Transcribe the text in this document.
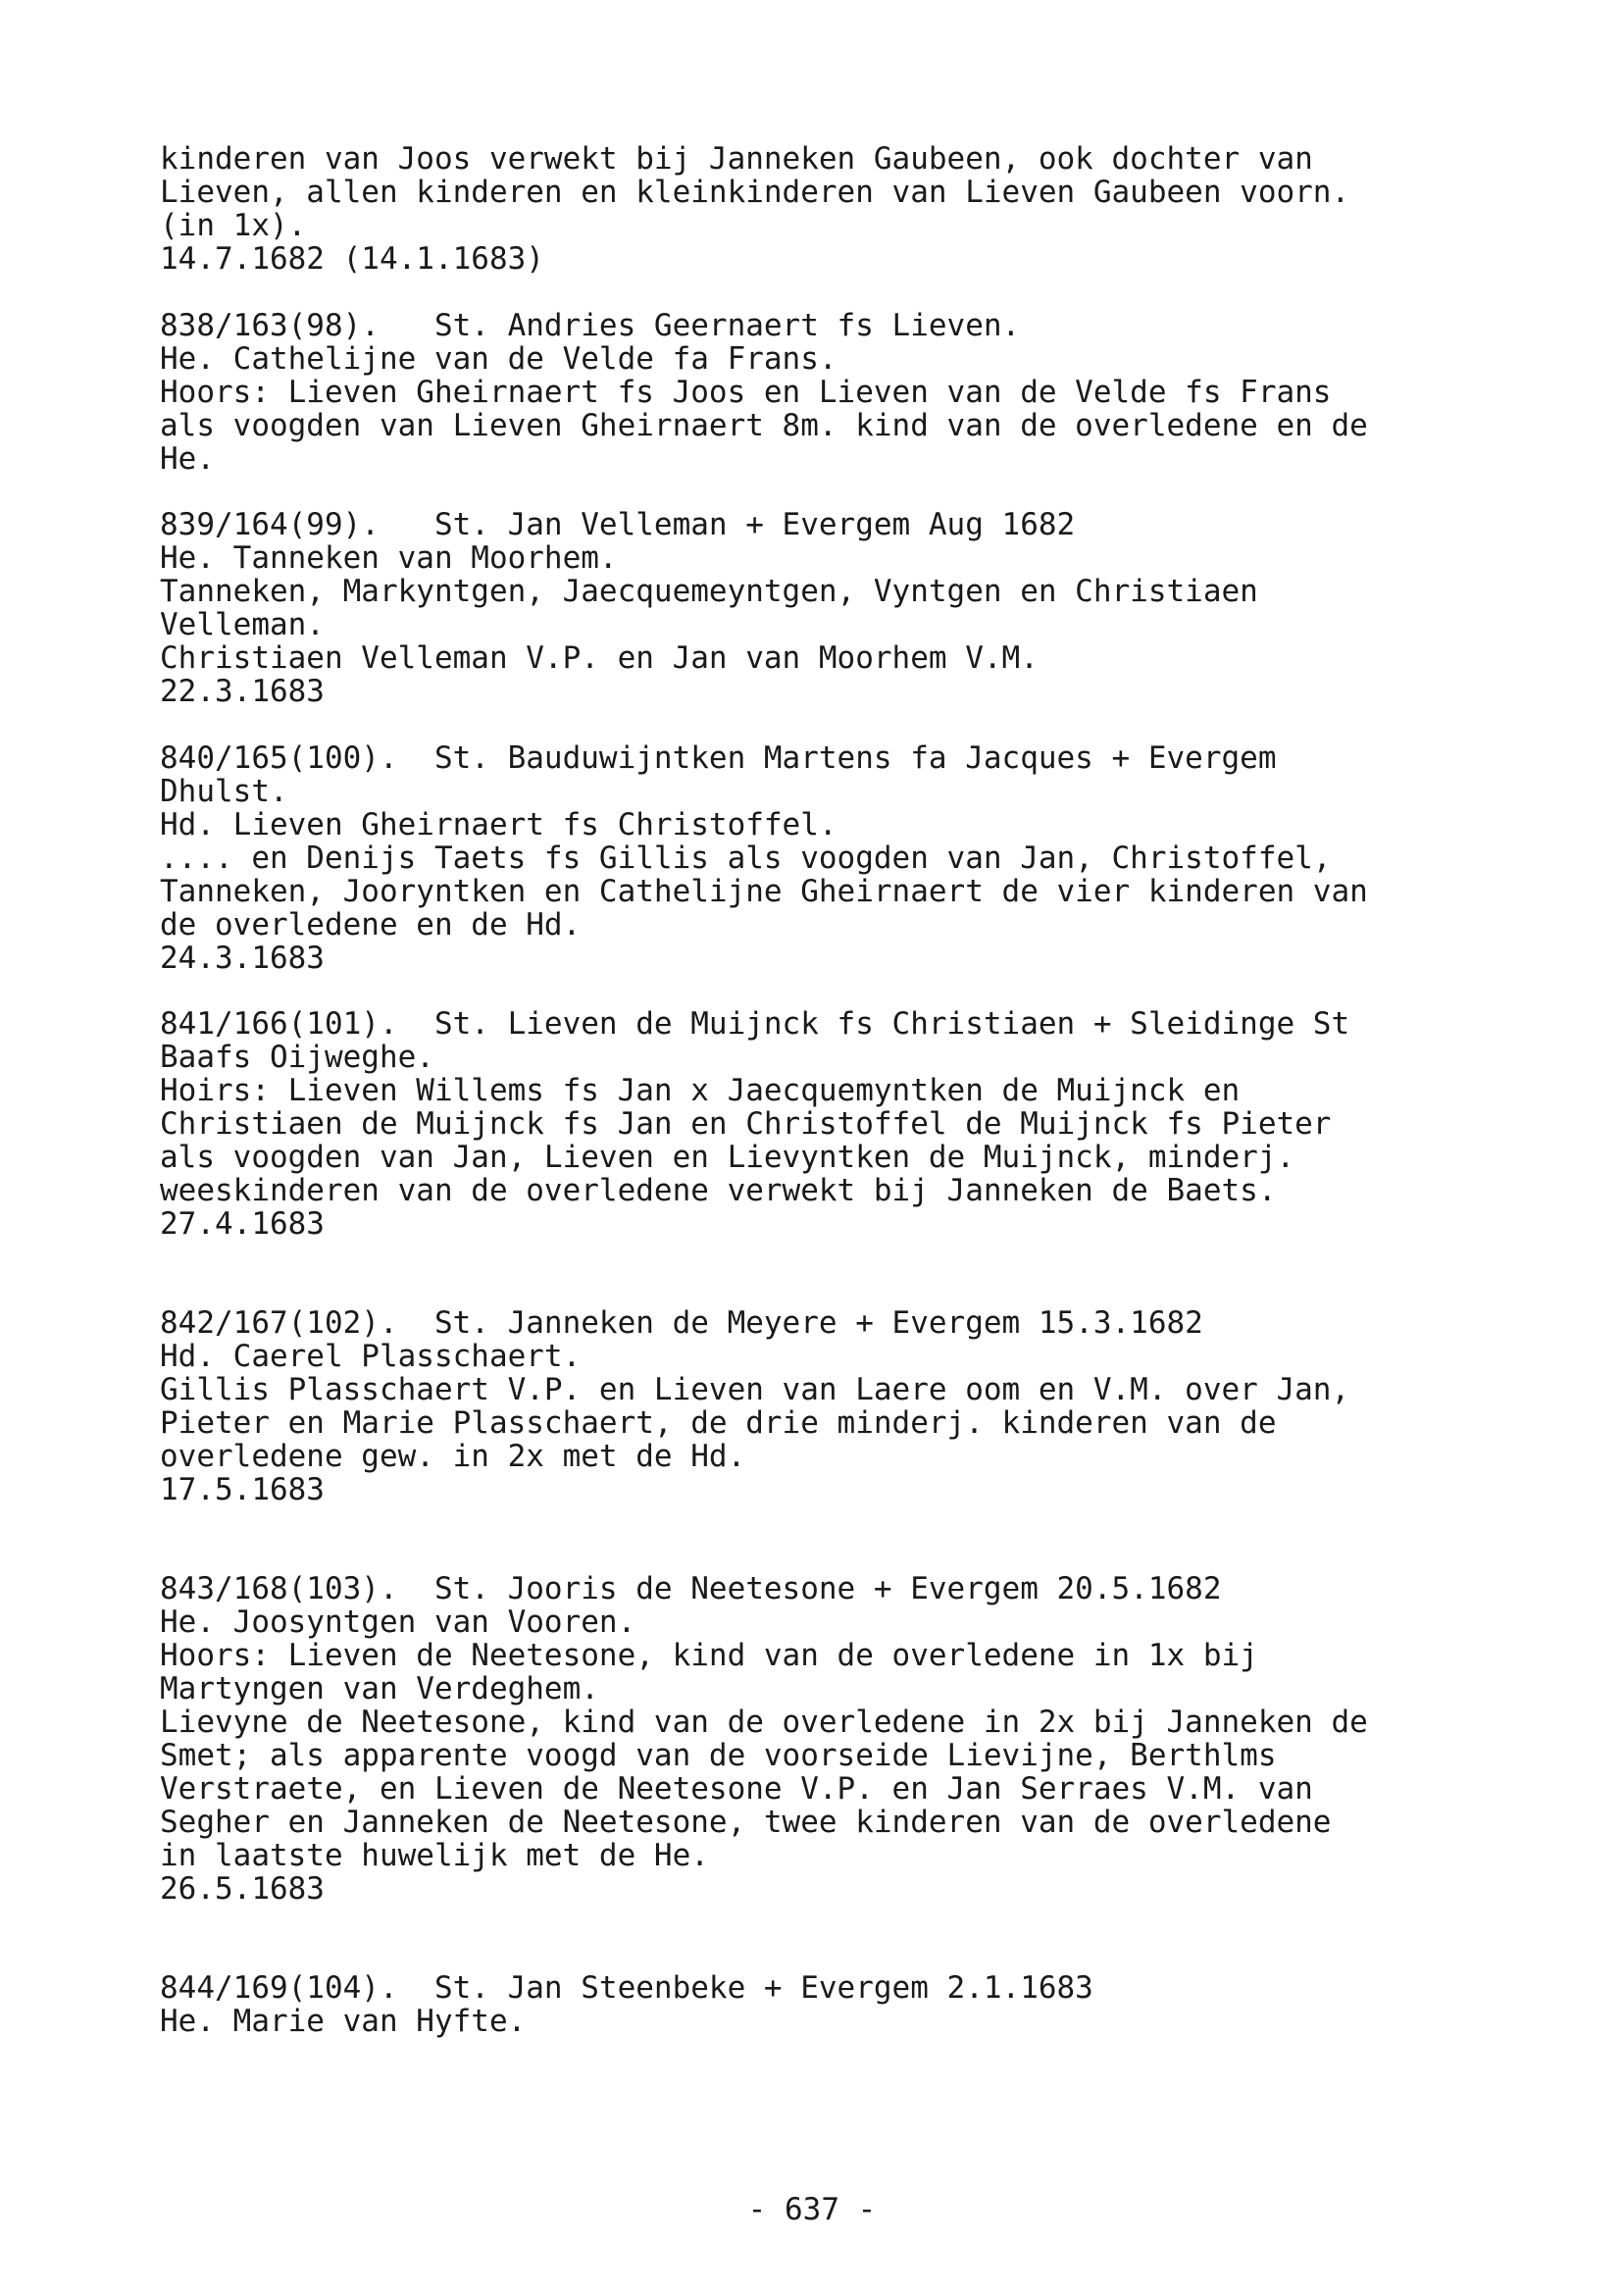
kinderen van Joos verwekt bij Janneken Gaubeen, ook dochter van
Lieven, allen kinderen en kleinkinderen van Lieven Gaubeen voorn.
(in 1x).
14.7.1682 (14.1.1683)
838/163(98).   St. Andries Geernaert fs Lieven.
He. Cathelijne van de Velde fa Frans.
Hoors: Lieven Gheirnaert fs Joos en Lieven van de Velde fs Frans
als voogden van Lieven Gheirnaert 8m. kind van de overledene en de
He.
839/164(99).   St. Jan Velleman + Evergem Aug 1682
He. Tanneken van Moorhem.
Tanneken, Markyntgen, Jaecquemeyntgen, Vyntgen en Christiaen
Velleman.
Christiaen Velleman V.P. en Jan van Moorhem V.M.
22.3.1683
840/165(100).  St. Bauduwijntken Martens fa Jacques + Evergem
Dhulst.
Hd. Lieven Gheirnaert fs Christoffel.
.... en Denijs Taets fs Gillis als voogden van Jan, Christoffel,
Tanneken, Jooryntken en Cathelijne Gheirnaert de vier kinderen van
de overledene en de Hd.
24.3.1683
841/166(101).  St. Lieven de Muijnck fs Christiaen + Sleidinge St
Baafs Oijweghe.
Hoirs: Lieven Willems fs Jan x Jaecquemyntken de Muijnck en
Christiaen de Muijnck fs Jan en Christoffel de Muijnck fs Pieter
als voogden van Jan, Lieven en Lievyntken de Muijnck, minderj.
weeskinderen van de overledene verwekt bij Janneken de Baets.
27.4.1683
842/167(102).  St. Janneken de Meyere + Evergem 15.3.1682
Hd. Caerel Plasschaert.
Gillis Plasschaert V.P. en Lieven van Laere oom en V.M. over Jan,
Pieter en Marie Plasschaert, de drie minderj. kinderen van de
overledene gew. in 2x met de Hd.
17.5.1683
843/168(103).  St. Jooris de Neetesone + Evergem 20.5.1682
He. Joosyntgen van Vooren.
Hoors: Lieven de Neetesone, kind van de overledene in 1x bij
Martyngen van Verdeghem.
Lievyne de Neetesone, kind van de overledene in 2x bij Janneken de
Smet; als apparente voogd van de voorseide Lievijne, Berthlms
Verstraete, en Lieven de Neetesone V.P. en Jan Serraes V.M. van
Segher en Janneken de Neetesone, twee kinderen van de overledene
in laatste huwelijk met de He.
26.5.1683
844/169(104).  St. Jan Steenbeke + Evergem 2.1.1683
He. Marie van Hyfte.
- 637 -
